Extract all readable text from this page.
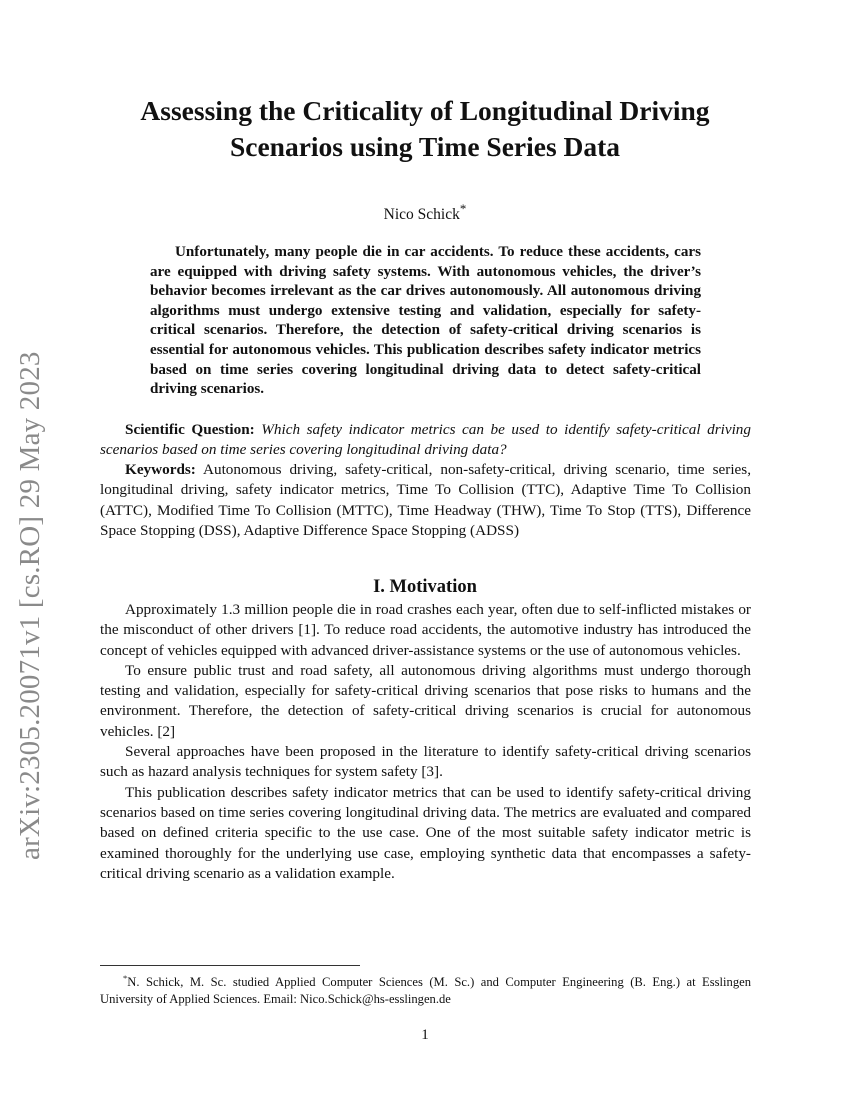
arXiv:2305.20071v1 [cs.RO] 29 May 2023
Assessing the Criticality of Longitudinal Driving
Scenarios using Time Series Data
Nico Schick*

Unfortunately, many people die in car accidents. To reduce these accidents, cars are equipped with driving safety systems. With autonomous vehicles, the driver’s behavior becomes irrelevant as the car drives autonomously. All autonomous driving algorithms must undergo extensive testing and validation, especially for safety-critical scenarios. Therefore, the detection of safety-critical driving scenarios is essential for autonomous vehicles. This publication describes safety indicator metrics based on time series covering longitudinal driving data to detect safety-critical driving scenarios.

Scientific Question: Which safety indicator metrics can be used to identify safety-critical driving scenarios based on time series covering longitudinal driving data?

Keywords: Autonomous driving, safety-critical, non-safety-critical, driving scenario, time series, longitudinal driving, safety indicator metrics, Time To Collision (TTC), Adaptive Time To Collision (ATTC), Modified Time To Collision (MTTC), Time Headway (THW), Time To Stop (TTS), Difference Space Stopping (DSS), Adaptive Difference Space Stopping (ADSS)

I. Motivation

Approximately 1.3 million people die in road crashes each year, often due to self-inflicted mistakes or the misconduct of other drivers [1]. To reduce road accidents, the automotive industry has introduced the concept of vehicles equipped with advanced driver-assistance systems or the use of autonomous vehicles.

To ensure public trust and road safety, all autonomous driving algorithms must undergo thorough testing and validation, especially for safety-critical driving scenarios that pose risks to humans and the environment. Therefore, the detection of safety-critical driving scenarios is crucial for autonomous vehicles. [2]

Several approaches have been proposed in the literature to identify safety-critical driving scenarios such as hazard analysis techniques for system safety [3].

This publication describes safety indicator metrics that can be used to identify safety-critical driving scenarios based on time series covering longitudinal driving data. The metrics are evaluated and compared based on defined criteria specific to the use case. One of the most suitable safety indicator metric is examined thoroughly for the underlying use case, employing synthetic data that encompasses a safety-critical driving scenario as a validation example.

*N. Schick, M. Sc. studied Applied Computer Sciences (M. Sc.) and Computer Engineering (B. Eng.) at Esslingen University of Applied Sciences. Email: Nico.Schick@hs-esslingen.de

1
